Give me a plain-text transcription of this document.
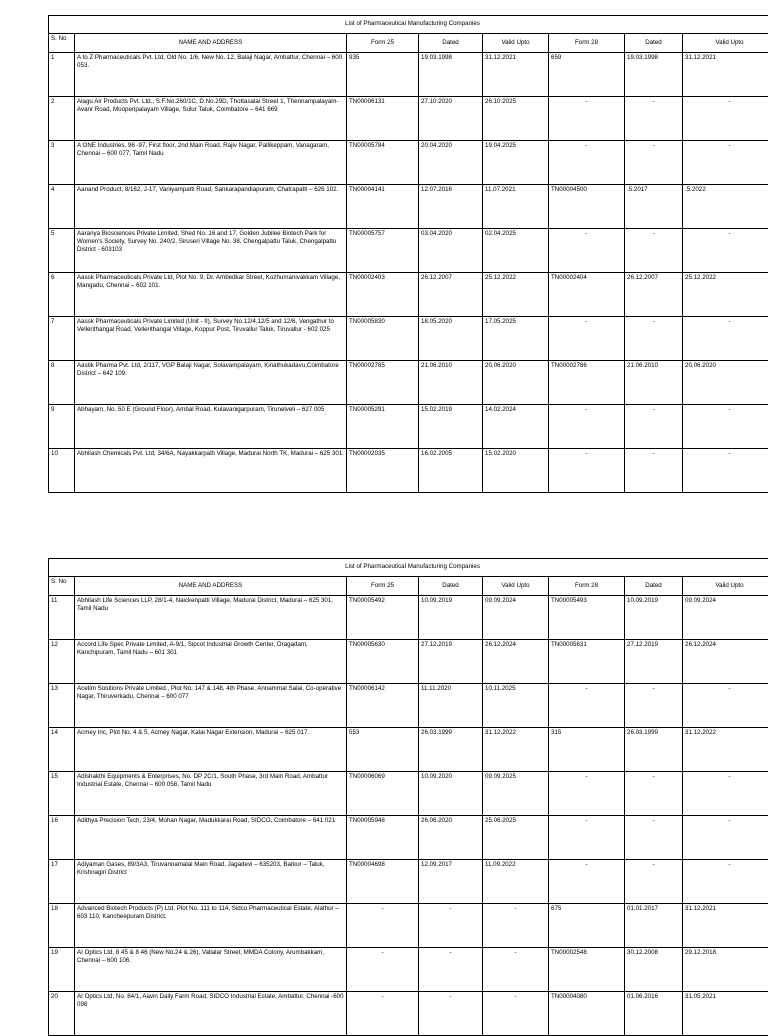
List of Pharmaceutical Manufacturing Companies							
S. No	NAME AND ADDRESS	Form 25	Dated	Valid Upto	Form 28	Dated	Valid Upto
1	A to Z Pharmaceuticals Pvt. Ltd, Old No. 1/6, New No. 12, Balaji Nagar, Ambattur, Chennai – 600 053.	935	19.03.1998	31.12.2021	659	19.03.1998	31.12.2021
2	Alagu Air Products Pvt. Ltd., S.F.No.260/1C, D.No.29D, Thottasalai Street 1, Thennampalayam-Avanr Road, Mooperipalayam Village, Sulur Taluk, Coimbatore – 641 669	TN00006131	27.10.2020	26.10.2025	-	-	-
3	A ONE Industries, 96 -97, First floor, 2nd Main Road, Rajiv Nagar, Pallikeppam, Vanagaram, Chennai – 600 077, Tamil Nadu	TN00005784	20.04.2020	19.04.2025	-	-	-
4	Aanand Product, 8/162, J-17, Vaniyampatti Road, Sankarapandiapuram, Chatrapatti – 626 102.	TN00004141	12.07.2016	11.07.2021	TN00004500	.5.2017	.5.2022
5	Aaranya Biosciences Private Limited, Shed No. 16 and 17, Golden Jubilee Biotech Park for Women's Society, Survey No. 240/2, Siruseri Village No. 38, Chengalpattu Taluk, Chengalpattu District - 603103	TN00005757	03.04.2020	02.04.2025	-	-	-
6	Aassk Pharmaceuticals Private Ltd, Plot No. 9, Dr. Ambedkar Street, Kozhumanivakkam Village, Mangadu, Chennai – 602 101.	TN00002403	26.12.2007	25.12.2022	TN00002404	26.12.2007	25.12.2022
7	Aassk Pharmaceuticals Private Limited (Unit - II), Survey No.12/4,12/5 and 12/6, Vengathur to Vellerithangal Road, Vellerithangal Village, Koppur Post, Tiruvallur Taluk, Tiruvallur - 602 025	TN00005830	18.05.2020	17.05.2025	-	-	-
8	Aastik Pharma Pvt. Ltd, 2/117, VGP Balaji Nagar, Solavampalayam, Kinathukadavu,Coimbatore District – 642 109.	TN00002785	21.06.2010	20.06.2020	TN00002786	21.06.2010	20.06.2020
9	Abhayam, No. 50 E (Ground Floor), Ambal Road, Kulavanigarpuram, Tirunelveli – 627 005	TN00005291	15.02.2019	14.02.2024	-	-	-
10	Abhilash Chemicals Pvt. Ltd, 34/6A, Nayakkarpatti Village, Madurai North TK, Madurai – 625 301.	TN00002035	16.02.2005	15.02.2020	-	-	-
List of Pharmaceutical Manufacturing Companies							
S. No	NAME AND ADDRESS	Form 25	Dated	Valid Upto	Form 28	Dated	Valid Upto
11	Abhilash Life Sciences LLP, 28/1-4, Naickenpatti Village, Madurai District, Madurai – 625 301, Tamil Nadu	TN00005492	10.09.2019	09.09.2024	TN00005493	10.09.2019	09.09.2024
12	Accord Life Spec Private Limited, A-9/1, Sipcot Industrial Growth Center, Oragadam, Kanchipuram, Tamil Nadu – 601 301	TN00005630	27.12.2019	26.12.2024	TN00005631	27.12.2019	26.12.2024
13	Acetim Solutions Private Limited., Plot No. 147 & 148, 4th Phase, Annammal Salai, Co-operative Nagar, Thiruverkadu, Chennai – 600 077	TN00006142	11.11.2020	10.11.2025	-	-	-
14	Acmey Inc, Plot No. 4 & 5, Acmey Nagar, Kalai Nagar Extension, Madurai – 625 017.	553	26.03.1999	31.12.2022	315	26.03.1999	31.12.2022
15	Adishakthi Equipments & Enterprises, No. DP 2C/1, South Phase, 3rd Main Road, Ambattur Industrial Estate, Chennai – 600 058, Tamil Nadu	TN00006069	10.09.2020	09.09.2025	-	-	-
16	Adithya Precision Tech, 23/4, Mohan Nagar, Madukkarai Road, SIDCO, Coimbatore – 641 021	TN00005948	26.06.2020	25.06.2025	-	-	-
17	Adiyaman Gases, 89/3A3, Tiruvannamalai Main Road, Jagadevi – 635203, Barkur – Taluk, Krishnagiri District	TN00004698	12.09.2017	11.09.2022	-	-	-
18	Advanced Biotech Products (P) Ltd, Plot No. 111 to 114, Sidco Pharmaceutical Estate, Alathur – 603 110, Kancheepuram District.	-	-	-	675	01.01.2017	31.12.2021
19	AI Optics Ltd, 8 45 & 8 46 (New No.24 & 26), Vallalar Street, MMDA Colony, Arumbakkam, Chennai – 600 106.	-	-	-	TN00002548	30.12.2008	29.12.2018.
20	AI Optics Ltd, No. 84/1, Aavin Daily Farm Road, SIDCO Industrial Estate, Ambattur, Chennai -600 098	-	-	-	TN00004080	01.06.2016	31.05.2021
